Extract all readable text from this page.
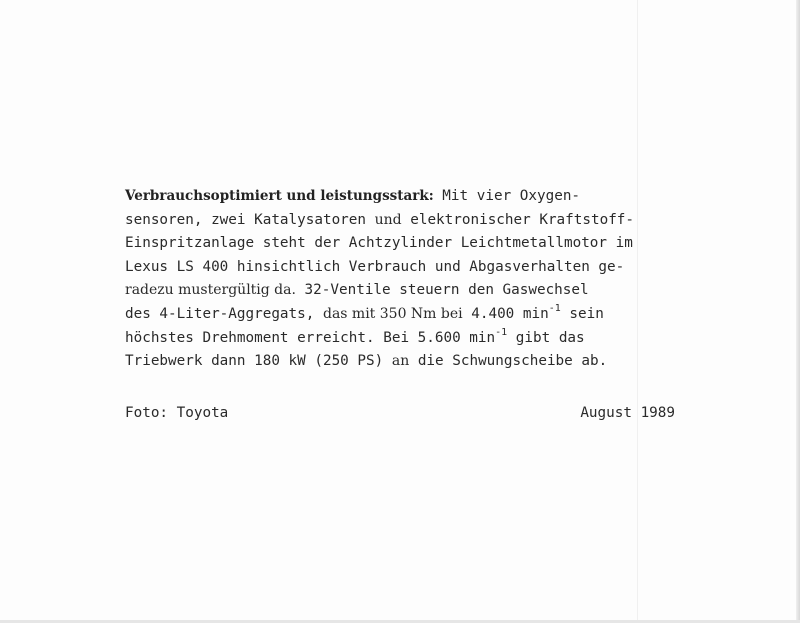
Verbrauchsoptimiert und leistungsstark: Mit vier Oxygen-
sensoren, zwei Katalysatoren und elektronischer Kraftstoff-
Einspritzanlage steht der Achtzylinder Leichtmetallmotor im
Lexus LS 400 hinsichtlich Verbrauch und Abgasverhalten ge-
radezu mustergültig da. 32-Ventile steuern den Gaswechsel
des 4-Liter-Aggregats, das mit 350 Nm bei 4.400 $\min^{-1}$ sein
höchstes Drehmoment erreicht. Bei 5.600 $\min^{-1}$ gibt das
Triebwerk dann 180 kW (250 PS) an die Schwungscheibe ab.
Foto: Toyota	August 1989
